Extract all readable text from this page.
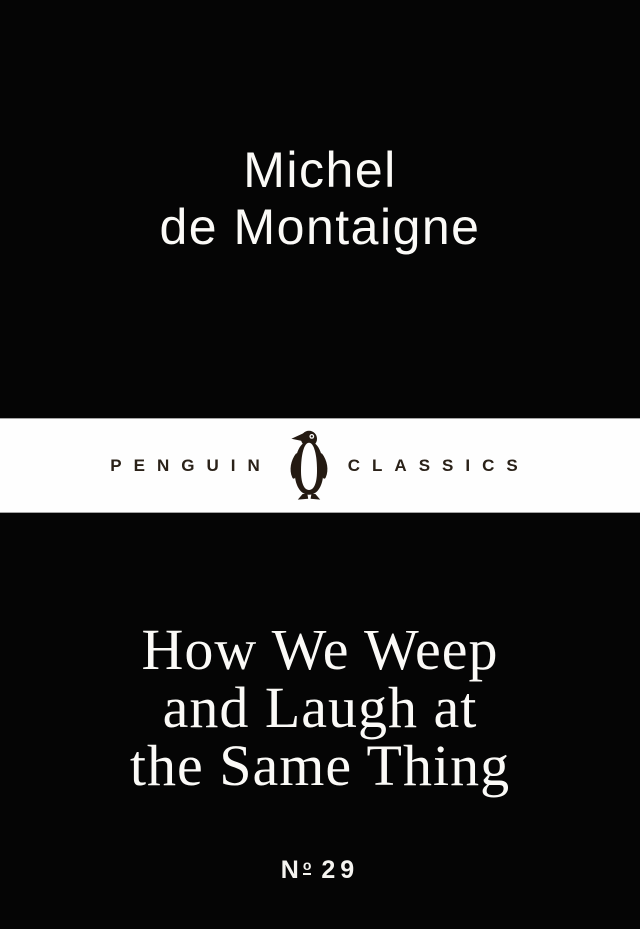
Michel
de Montaigne
PENGUIN	CLASSICS
How We Weep
and Laugh at
the Same Thing
N o 29
